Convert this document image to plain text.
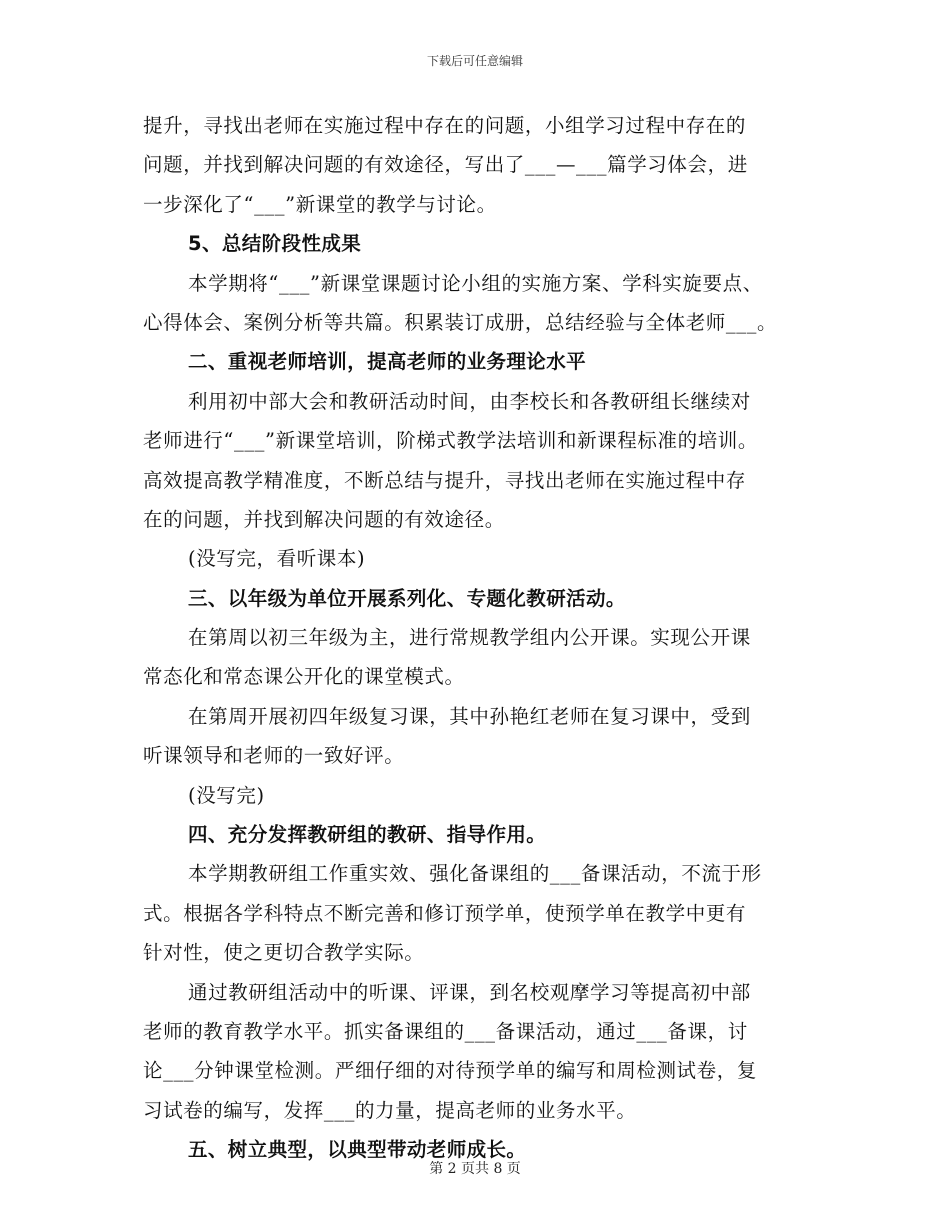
下载后可任意编辑
提升，寻找出老师在实施过程中存在的问题，小组学习过程中存在的
问题，并找到解决问题的有效途径，写出了___—___篇学习体会，进
一步深化了“___”新课堂的教学与讨论。
5、总结阶段性成果
本学期将“___”新课堂课题讨论小组的实施方案、学科实旋要点、
心得体会、案例分析等共篇。积累装订成册，总结经验与全体老师___。
二、重视老师培训，提高老师的业务理论水平
利用初中部大会和教研活动时间，由李校长和各教研组长继续对
老师进行“___”新课堂培训，阶梯式教学法培训和新课程标准的培训。
高效提高教学精准度，不断总结与提升，寻找出老师在实施过程中存
在的问题，并找到解决问题的有效途径。
(没写完，看听课本)
三、以年级为单位开展系列化、专题化教研活动。
在第周以初三年级为主，进行常规教学组内公开课。实现公开课
常态化和常态课公开化的课堂模式。
在第周开展初四年级复习课，其中孙艳红老师在复习课中，受到
听课领导和老师的一致好评。
(没写完)
四、充分发挥教研组的教研、指导作用。
本学期教研组工作重实效、强化备课组的___备课活动，不流于形
式。根据各学科特点不断完善和修订预学单，使预学单在教学中更有
针对性，使之更切合教学实际。
通过教研组活动中的听课、评课，到名校观摩学习等提高初中部
老师的教育教学水平。抓实备课组的___备课活动，通过___备课，讨
论___分钟课堂检测。严细仔细的对待预学单的编写和周检测试卷，复
习试卷的编写，发挥___的力量，提高老师的业务水平。
五、树立典型，以典型带动老师成长。
第 2 页共 8 页
